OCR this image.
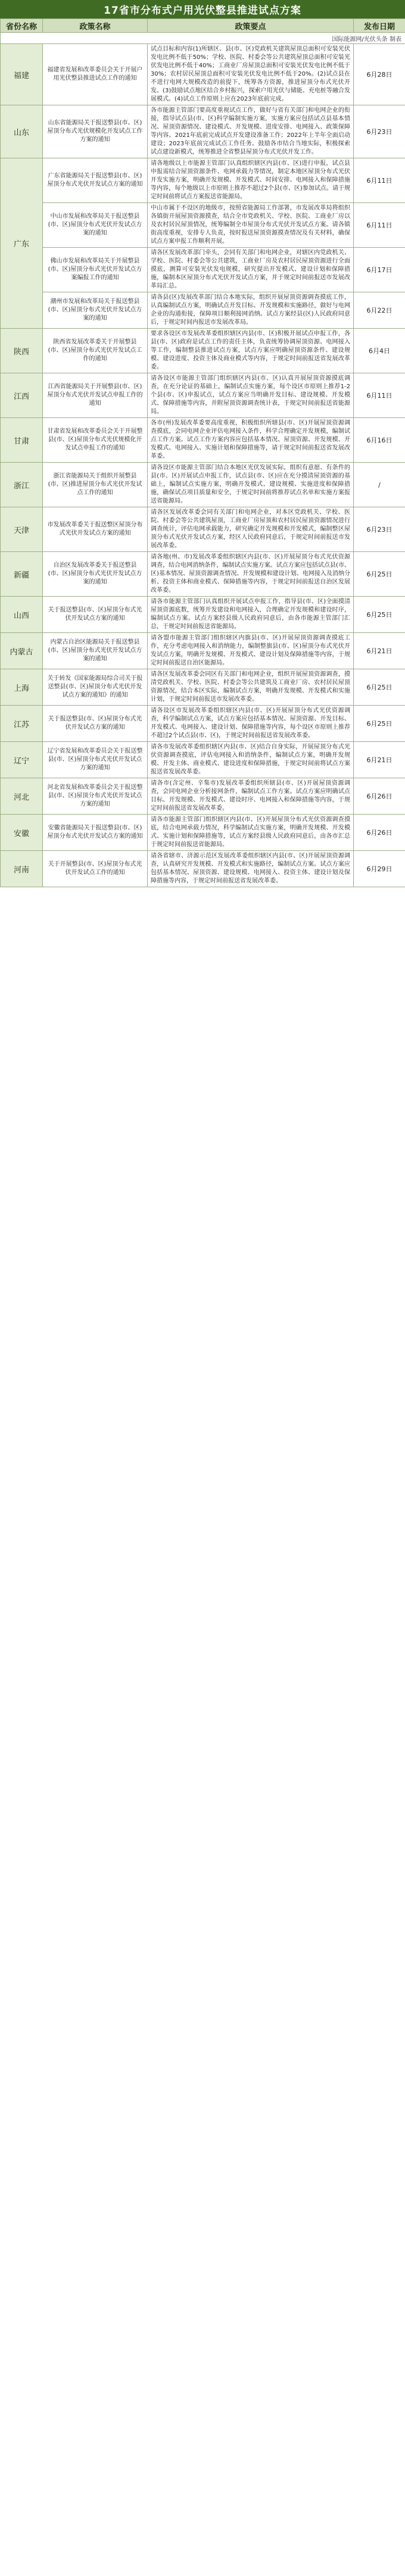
17省市分布式户用光伏整县推进试点方案
省份名称	政策名称	政策要点	发布日期
国际能源网/光伏头条 制表			
福建	福建省发展和改革委员会关于开展户用光伏整县推进试点工作的通知	试点目标和内容(1)所辖区、县(市、区)党政机关建筑屋顶总面积可安装光伏发电比例不低于50%；学校、医院、村委会等公共建筑屋顶总面积可安装光伏发电比例不低于40%；工商业厂房屋顶总面积可安装光伏发电比例不低于30%；农村居民屋顶总面积可安装光伏发电比例不低于20%。(2)试点县在不进行电网大规模改造的前提下，统筹各方资源，推进屋顶分布式光伏开发。(3)鼓励试点地区结合乡村振兴，探索户用光伏与储能、充电桩等融合发展模式。(4)试点工作原则上应在2023年底前完成。	6月28日
山东	山东省能源局关于报送整县(市、区)屋顶分布式光伏规模化开发试点工作方案的通知	各市能源主管部门要高度重视试点工作，做好与省有关部门和电网企业的衔接，指导试点县(市、区)科学编制实施方案，实施方案应包括试点县基本情况、屋顶资源情况、建设模式、开发规模、进度安排、电网接入、政策保障等内容。2021年底前完成试点开发建设准备工作；2022年上半年全面启动建设；2023年底前完成试点工作任务。鼓励各市结合当地实际，积极探索试点建设新模式，统筹推进全省整县屋顶分布式光伏开发工作。	6月23日
广东	广东省能源局关于报送整县(市、区)屋顶分布式光伏开发试点方案的通知	请各地级以上市能源主管部门认真组织辖区内县(市、区)进行申报，试点县申报需结合屋顶资源条件、电网承载力等情况，制定本地区屋顶分布式光伏开发实施方案，明确开发规模、开发模式、时间安排、电网接入和保障措施等内容，每个地级以上市原则上推荐不超过2个县(市、区)参加试点。请于规定时间前将试点方案报送省能源局。	6月11日
	中山市发展和改革局关于报送整县(市、区)屋顶分布式光伏开发试点方案的通知	中山市属于不设区的地级市，按照省能源局工作部署，市发展改革局将组织各镇街开展屋顶资源摸查，结合全市党政机关、学校、医院、工商业厂房以及农村居民屋顶情况，统筹编制全市屋顶分布式光伏开发试点方案。请各镇街高度重视，安排专人负责，按时报送屋顶资源摸查情况及有关材料，确保试点方案申报工作顺利开展。	6月11日
	佛山市发展和改革局关于开展整县(市、区)屋顶分布式光伏开发试点方案编报工作的通知	请各区发展改革部门牵头，会同有关部门和电网企业，对辖区内党政机关、学校、医院、村委会等公共建筑，工商业厂房及农村居民屋顶资源进行全面摸底，测算可安装光伏发电规模，研究提出开发模式、建设计划和保障措施，编制本区屋顶分布式光伏开发试点方案，并于规定时间前报送市发展改革局汇总。	6月17日
	潮州市发展和改革局关于报送整县(市、区)屋顶分布式光伏开发试点方案的通知	请各县(区)发展改革部门结合本地实际，组织开展屋顶资源调查摸底工作，认真编制试点方案，明确试点开发目标、开发规模和实施路径，做好与电网企业的沟通衔接，保障项目顺利接网消纳。试点方案经县(区)人民政府同意后，于规定时间内报送市发展改革局。	6月22日
陕西	陕西省发展改革委关于开展整县(市、区)屋顶分布式光伏开发试点工作的通知	要求各设区市发展改革委组织辖区内县(市、区)积极开展试点申报工作，各县(市、区)政府是试点工作的责任主体，负责统筹协调屋顶资源、电网接入等工作，编制整县推进试点方案，试点方案应明确屋顶资源条件、建设规模、建设进度、投资主体及商业模式等内容，于规定时间前报送省发展改革委。	6月4日
江西	江西省能源局关于开展整县(市、区)屋顶分布式光伏开发试点申报工作的通知	请各设区市能源主管部门组织辖区内县(市、区)认真开展屋顶资源摸底调查，在充分论证的基础上，编制试点实施方案，每个设区市原则上推荐1-2个县(市、区)申报试点，试点方案应当明确开发目标、建设规模、开发模式、保障措施等内容，并附屋顶资源调查统计表，于规定时间前报送省能源局。	6月11日
甘肃	甘肃省发展和改革委员会关于开展整县(市、区)屋顶分布式光伏规模化开发试点申报工作的通知	各市(州)发展改革委要高度重视，积极组织所辖县(市、区)开展屋顶资源调查摸底，会同电网企业评估电网接入条件，科学合理确定开发规模，编制试点工作方案。试点工作方案内容应包括基本情况、屋顶资源、开发规模、开发模式、电网接入、实施计划和保障措施等，请于规定时间前报送省发展改革委。	6月16日
浙江	浙江省能源局关于组织开展整县(市、区)推进屋顶分布式光伏开发试点工作的通知	请各设区市能源主管部门结合本地区光伏发展实际，组织有意愿、有条件的县(市、区)开展试点申报工作，试点县(市、区)应在充分摸清屋顶资源的基础上，编制试点实施方案，明确开发模式、建设规模、实施进度和保障措施，确保试点项目质量和安全，于规定时间前将推荐试点名单和实施方案报送省能源局。	/
天津	市发展改革委关于报送整区屋顶分布式光伏开发试点方案的通知	请各区发展改革委会同有关部门和电网企业，对本区党政机关、学校、医院、村委会等公共建筑屋顶，工商业厂房屋顶和农村居民屋顶资源情况进行调查统计，评估电网承载能力，研究确定开发规模和开发模式，编制整区屋顶分布式光伏开发试点方案，经区人民政府同意后，于规定时间前报送市发展改革委。	6月23日
新疆	自治区发展改革委关于报送整县(市、区)屋顶分布式光伏开发试点方案的通知	请各地(州、市)发展改革委组织辖区内县(市、区)开展屋顶分布式光伏资源调查，结合电网消纳条件，编制试点实施方案。试点方案应包括试点县(市、区)基本情况、屋顶资源调查情况、开发规模和建设计划、电网接入及消纳分析、投资主体和商业模式、保障措施等内容，于规定时间前报送自治区发展改革委。	6月25日
山西	关于报送整县(市、区)屋顶分布式光伏开发试点方案的通知	请各市能源主管部门认真组织开展试点申报工作，指导县(市、区)全面摸清屋顶资源底数，统筹开发建设和电网接入，合理确定开发规模和建设时序，编制试点方案。试点方案经县级人民政府同意后，由各市能源主管部门汇总，于规定时间前报送省能源局。	6月25日
内蒙古	内蒙古自治区能源局关于报送整县(市、区)屋顶分布式光伏开发试点方案的通知	请各盟市能源主管部门组织辖区内旗县(市、区)开展屋顶资源调查摸底工作，充分考虑电网接入和消纳能力，编制整旗县(市、区)屋顶分布式光伏开发试点方案，明确开发规模、开发模式、建设计划及保障措施等内容，于规定时间前报送自治区能源局。	6月21日
上海	关于转发《国家能源局综合司关于报送整县(市、区)屋顶分布式光伏开发试点方案的通知》的通知	请各区发展改革委会同区有关部门和电网企业，组织开展屋顶资源调查，摸清党政机关、学校、医院、村委会等公共建筑及工商业厂房、农村居民屋顶资源情况，结合本区实际，编制试点方案，明确开发规模、开发模式和实施计划，于规定时间前报送市发展改革委。	6月25日
江苏	关于报送整县(市、区)屋顶分布式光伏开发试点方案的通知	请各设区市发展改革委组织辖区内县(市、区)开展屋顶分布式光伏资源调查，科学编制试点方案，试点方案应包括基本情况、屋顶资源、开发目标、开发模式、电网接入、建设计划、保障措施等内容，每个设区市原则上推荐不超过2个试点县(市、区)，于规定时间前报送省发展改革委。	6月25日
辽宁	辽宁省发展和改革委员会关于报送整县(市、区)屋顶分布式光伏开发试点方案的通知	请各市发展改革委组织辖区内县(市、区)结合自身实际，开展屋顶分布式光伏资源调查摸底，评估电网接入和消纳条件，编制试点方案，明确开发规模、开发主体、商业模式、建设进度和保障措施，于规定时间前将试点方案报送省发展改革委。	6月21日
河北	河北省发展和改革委员会关于报送整县(市、区)屋顶分布式光伏开发试点方案的通知	请各市(含定州、辛集市)发展改革委组织所辖县(市、区)开展屋顶资源调查，会同电网企业分析接网条件，编制试点工作方案。试点方案应明确试点目标、开发规模、开发模式、建设时序、电网接入和保障措施等内容，于规定时间前报送省发展改革委。	6月26日
安徽	安徽省能源局关于报送整县(市、区)屋顶分布式光伏开发试点方案的通知	请各市能源主管部门组织辖区内县(市、区)开展屋顶分布式光伏资源调查摸底，结合电网承载力情况，科学编制试点实施方案，明确开发规模、开发模式、实施计划和保障措施等，试点方案经县级人民政府同意后，由各市汇总于规定时间前报送省能源局。	6月26日
河南	关于开展整县(市、区)屋顶分布式光伏开发试点工作的通知	请各省辖市、济源示范区发展改革委组织辖区内县(市、区)开展屋顶资源调查，认真研究开发规模、开发模式和实施路径，编制试点方案。试点方案应包括基本情况、屋顶资源、建设规模、电网接入、投资主体、建设计划及保障措施等内容，于规定时间前报送省发展改革委。	6月29日
